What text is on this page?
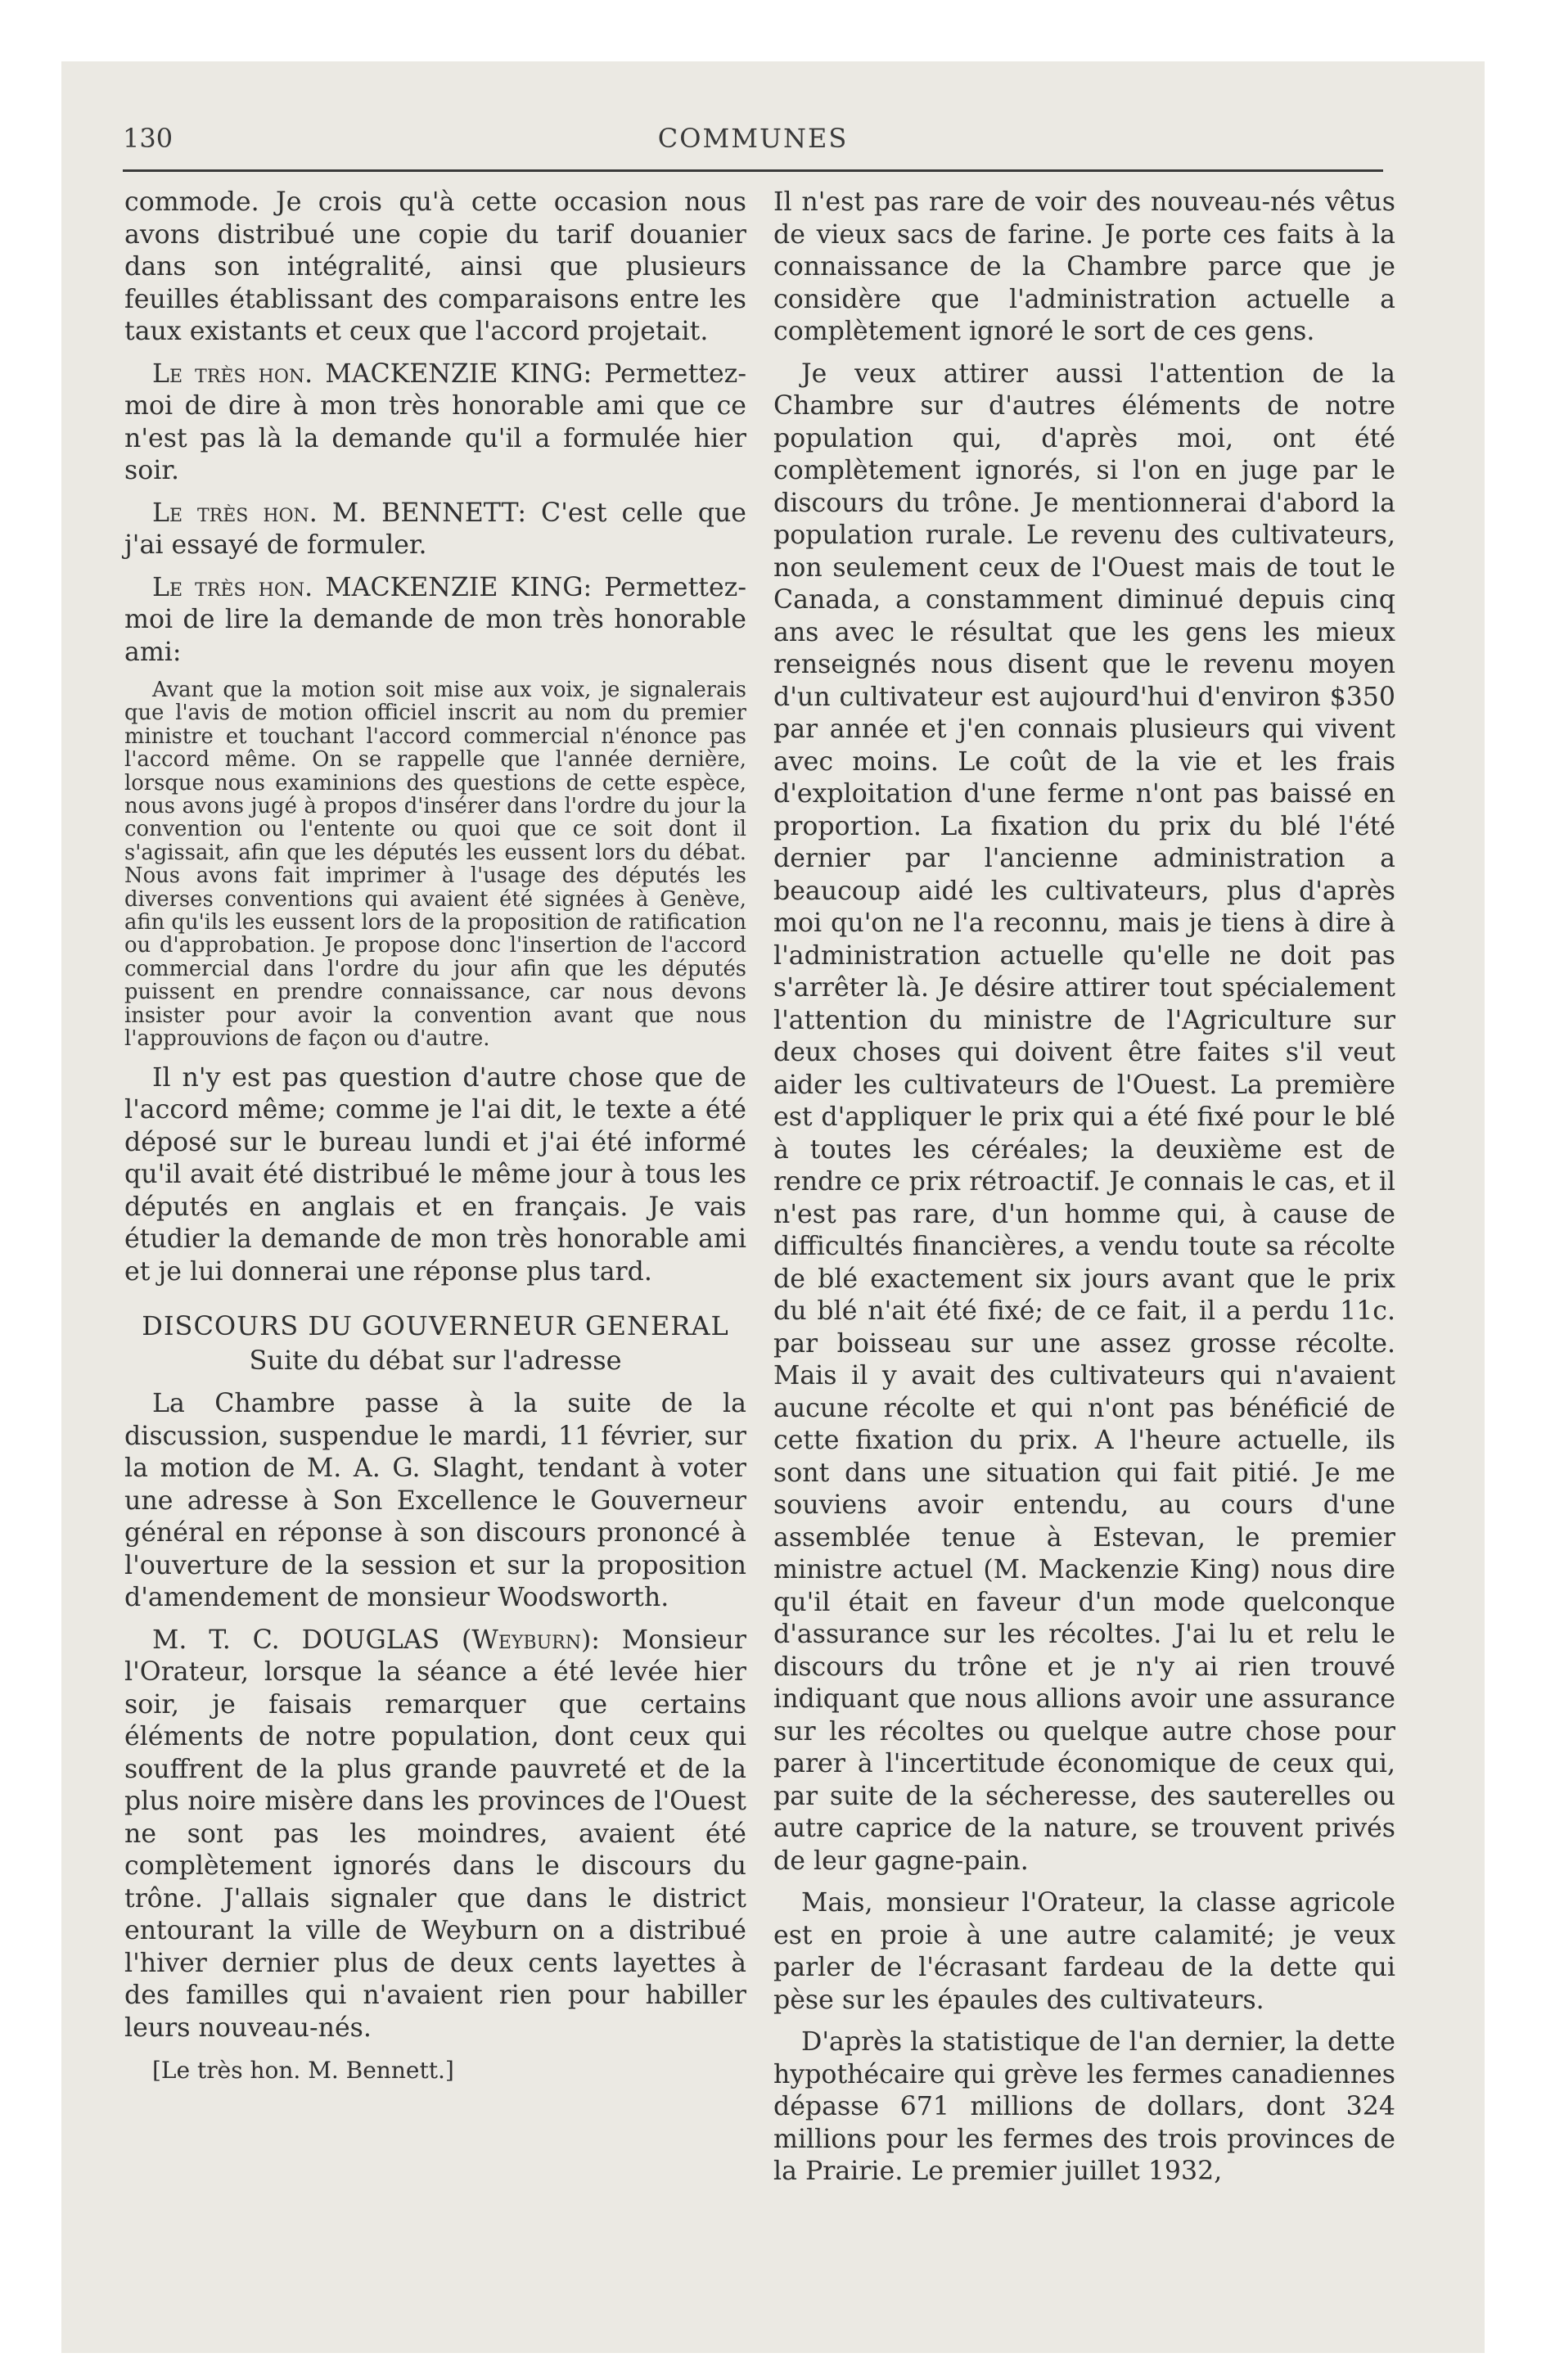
130	COMMUNES

commode. Je crois qu'à cette occasion nous avons distribué une copie du tarif douanier dans son intégralité, ainsi que plusieurs feuilles établissant des comparaisons entre les taux existants et ceux que l'accord projetait.

Le très hon. MACKENZIE KING: Permettez-moi de dire à mon très honorable ami que ce n'est pas là la demande qu'il a formulée hier soir.

Le très hon. M. BENNETT: C'est celle que j'ai essayé de formuler.

Le très hon. MACKENZIE KING: Permettez-moi de lire la demande de mon très honorable ami:

Avant que la motion soit mise aux voix, je signalerais que l'avis de motion officiel inscrit au nom du premier ministre et touchant l'accord commercial n'énonce pas l'accord même. On se rappelle que l'année dernière, lorsque nous examinions des questions de cette espèce, nous avons jugé à propos d'insérer dans l'ordre du jour la convention ou l'entente ou quoi que ce soit dont il s'agissait, afin que les députés les eussent lors du débat. Nous avons fait imprimer à l'usage des députés les diverses conventions qui avaient été signées à Genève, afin qu'ils les eussent lors de la proposition de ratification ou d'approbation. Je propose donc l'insertion de l'accord commercial dans l'ordre du jour afin que les députés puissent en prendre connaissance, car nous devons insister pour avoir la convention avant que nous l'approuvions de façon ou d'autre.

Il n'y est pas question d'autre chose que de l'accord même; comme je l'ai dit, le texte a été déposé sur le bureau lundi et j'ai été informé qu'il avait été distribué le même jour à tous les députés en anglais et en français. Je vais étudier la demande de mon très honorable ami et je lui donnerai une réponse plus tard.

DISCOURS DU GOUVERNEUR GENERAL
Suite du débat sur l'adresse

La Chambre passe à la suite de la discussion, suspendue le mardi, 11 février, sur la motion de M. A. G. Slaght, tendant à voter une adresse à Son Excellence le Gouverneur général en réponse à son discours prononcé à l'ouverture de la session et sur la proposition d'amendement de monsieur Woodsworth.

M. T. C. DOUGLAS (Weyburn): Monsieur l'Orateur, lorsque la séance a été levée hier soir, je faisais remarquer que certains éléments de notre population, dont ceux qui souffrent de la plus grande pauvreté et de la plus noire misère dans les provinces de l'Ouest ne sont pas les moindres, avaient été complètement ignorés dans le discours du trône. J'allais signaler que dans le district entourant la ville de Weyburn on a distribué l'hiver dernier plus de deux cents layettes à des familles qui n'avaient rien pour habiller leurs nouveau-nés.

[Le très hon. M. Bennett.]

Il n'est pas rare de voir des nouveau-nés vêtus de vieux sacs de farine. Je porte ces faits à la connaissance de la Chambre parce que je considère que l'administration actuelle a complètement ignoré le sort de ces gens.

Je veux attirer aussi l'attention de la Chambre sur d'autres éléments de notre population qui, d'après moi, ont été complètement ignorés, si l'on en juge par le discours du trône. Je mentionnerai d'abord la population rurale. Le revenu des cultivateurs, non seulement ceux de l'Ouest mais de tout le Canada, a constamment diminué depuis cinq ans avec le résultat que les gens les mieux renseignés nous disent que le revenu moyen d'un cultivateur est aujourd'hui d'environ $350 par année et j'en connais plusieurs qui vivent avec moins. Le coût de la vie et les frais d'exploitation d'une ferme n'ont pas baissé en proportion. La fixation du prix du blé l'été dernier par l'ancienne administration a beaucoup aidé les cultivateurs, plus d'après moi qu'on ne l'a reconnu, mais je tiens à dire à l'administration actuelle qu'elle ne doit pas s'arrêter là. Je désire attirer tout spécialement l'attention du ministre de l'Agriculture sur deux choses qui doivent être faites s'il veut aider les cultivateurs de l'Ouest. La première est d'appliquer le prix qui a été fixé pour le blé à toutes les céréales; la deuxième est de rendre ce prix rétroactif. Je connais le cas, et il n'est pas rare, d'un homme qui, à cause de difficultés financières, a vendu toute sa récolte de blé exactement six jours avant que le prix du blé n'ait été fixé; de ce fait, il a perdu 11c. par boisseau sur une assez grosse récolte. Mais il y avait des cultivateurs qui n'avaient aucune récolte et qui n'ont pas bénéficié de cette fixation du prix. A l'heure actuelle, ils sont dans une situation qui fait pitié. Je me souviens avoir entendu, au cours d'une assemblée tenue à Estevan, le premier ministre actuel (M. Mackenzie King) nous dire qu'il était en faveur d'un mode quelconque d'assurance sur les récoltes. J'ai lu et relu le discours du trône et je n'y ai rien trouvé indiquant que nous allions avoir une assurance sur les récoltes ou quelque autre chose pour parer à l'incertitude économique de ceux qui, par suite de la sécheresse, des sauterelles ou autre caprice de la nature, se trouvent privés de leur gagne-pain.

Mais, monsieur l'Orateur, la classe agricole est en proie à une autre calamité; je veux parler de l'écrasant fardeau de la dette qui pèse sur les épaules des cultivateurs.

D'après la statistique de l'an dernier, la dette hypothécaire qui grève les fermes canadiennes dépasse 671 millions de dollars, dont 324 millions pour les fermes des trois provinces de la Prairie. Le premier juillet 1932,
